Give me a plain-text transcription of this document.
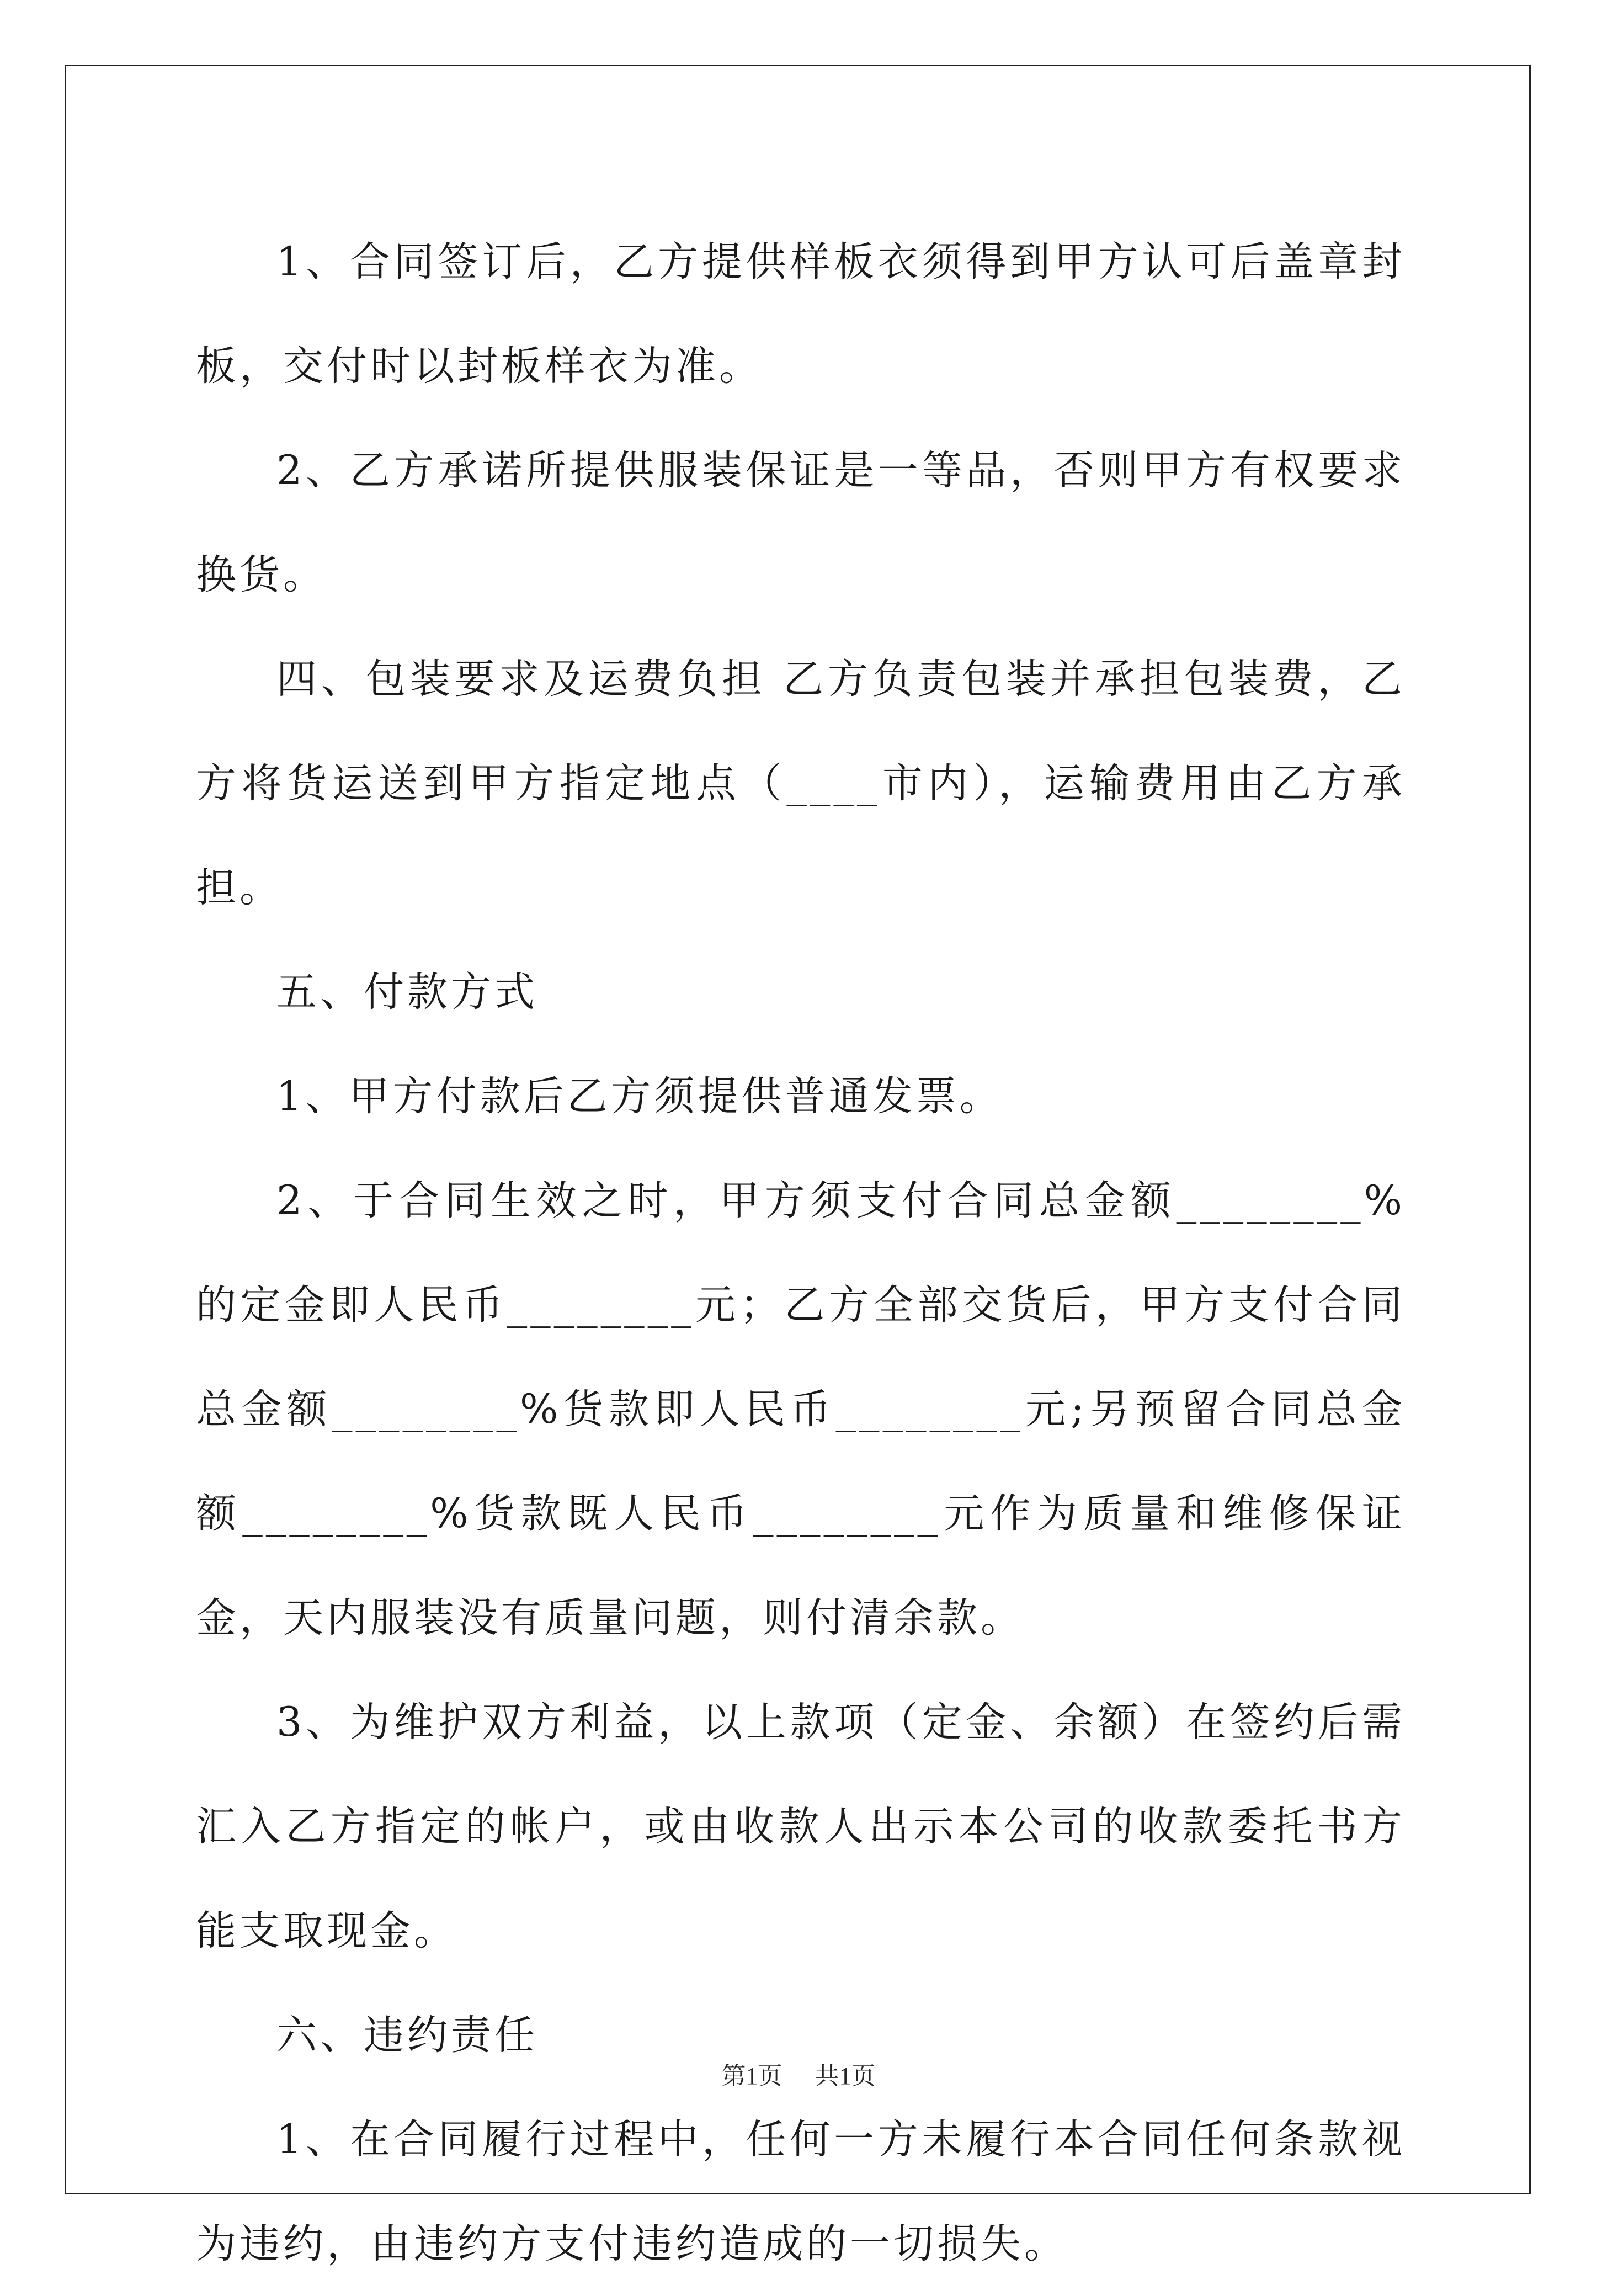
1、合同签订后，乙方提供样板衣须得到甲方认可后盖章封板，交付时以封板样衣为准。

2、乙方承诺所提供服装保证是一等品，否则甲方有权要求换货。

四、包装要求及运费负担 乙方负责包装并承担包装费，乙方将货运送到甲方指定地点（____市内），运输费用由乙方承担。

五、付款方式

1、甲方付款后乙方须提供普通发票。

2、于合同生效之时，甲方须支付合同总金额________%的定金即人民币________元；乙方全部交货后，甲方支付合同总金额________%货款即人民币________元;另预留合同总金额________%货款既人民币________元作为质量和维修保证金，天内服装没有质量问题，则付清余款。

3、为维护双方利益，以上款项（定金、余额）在签约后需汇入乙方指定的帐户，或由收款人出示本公司的收款委托书方能支取现金。

六、违约责任

1、在合同履行过程中，任何一方未履行本合同任何条款视为违约，由违约方支付违约造成的一切损失。

第1页 共1页
